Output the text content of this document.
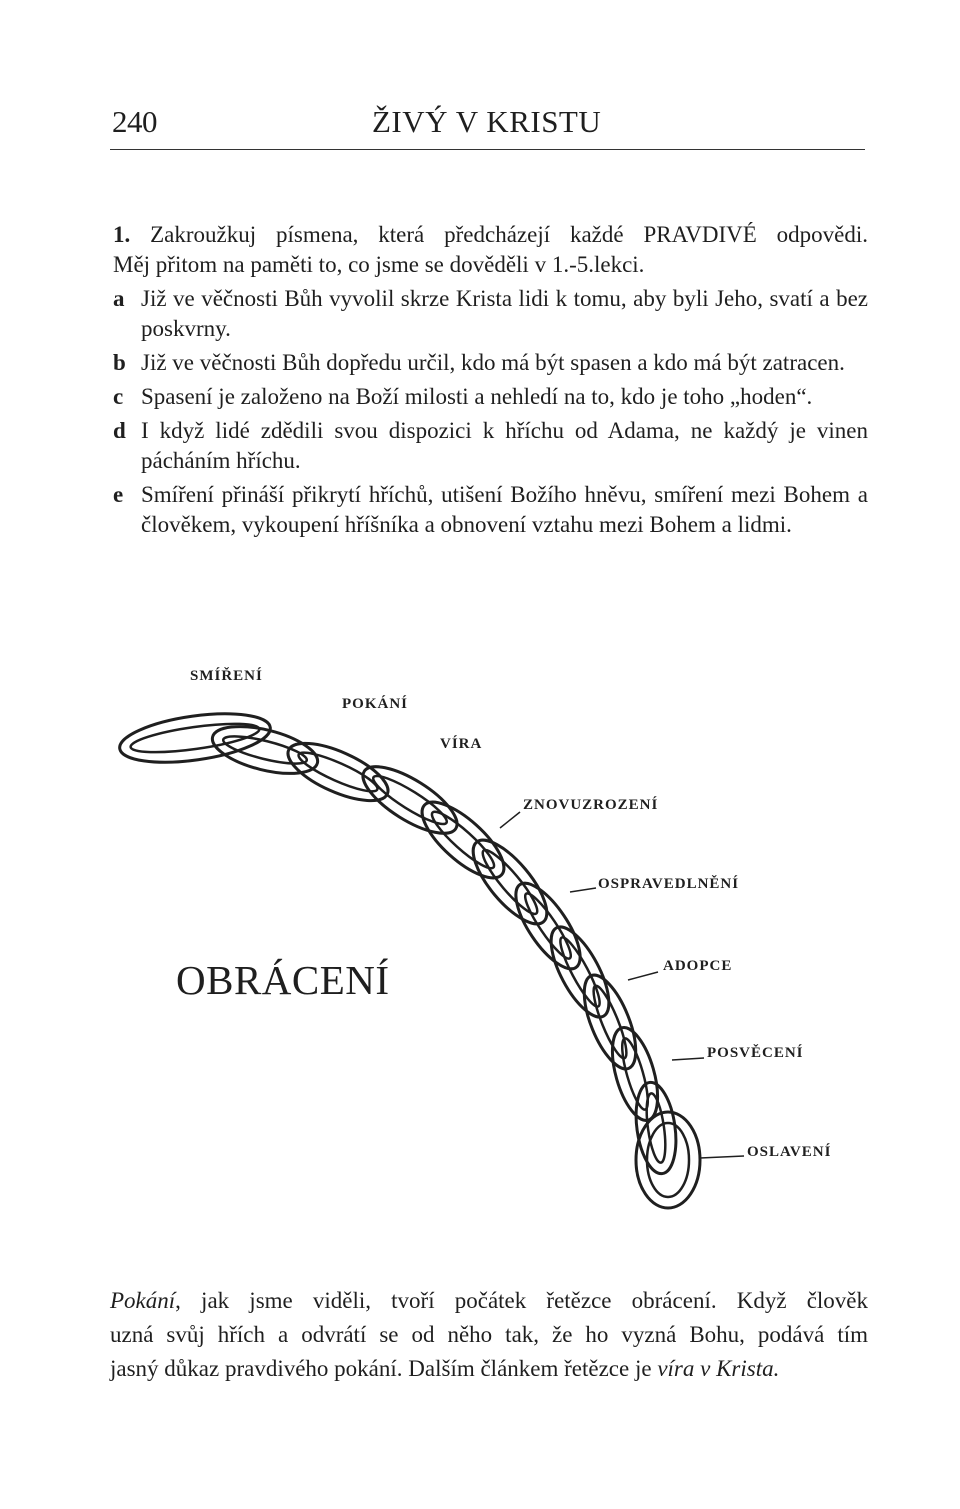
240	ŽIVÝ V KRISTU
1. Zakroužkuj písmena, která předcházejí každé PRAVDIVÉ odpovědi.
Měj přitom na paměti to, co jsme se dověděli v 1.-5.lekci.
a Již ve věčnosti Bůh vyvolil skrze Krista lidi k tomu, aby byli Jeho, svatí a bez poskvrny.
b Již ve věčnosti Bůh dopředu určil, kdo má být spasen a kdo má být zatracen.
c Spasení je založeno na Boží milosti a nehledí na to, kdo je toho „hoden“.
d I když lidé zdědili svou dispozici k hříchu od Adama, ne každý je vinen pácháním hříchu.
e Smíření přináší přikrytí hříchů, utišení Božího hněvu, smíření mezi Bohem a člověkem, vykoupení hříšníka a obnovení vztahu mezi Bohem a lidmi.
SMÍŘENÍ
POKÁNÍ
VÍRA
ZNOVUZROZENÍ
OSPRAVEDLNĚNÍ
ADOPCE
POSVĚCENÍ
OSLAVENÍ
OBRÁCENÍ
Pokání, jak jsme viděli, tvoří počátek řetězce obrácení. Když člověk
uzná svůj hřích a odvrátí se od něho tak, že ho vyzná Bohu, podává tím
jasný důkaz pravdivého pokání. Dalším článkem řetězce je víra v Krista.
